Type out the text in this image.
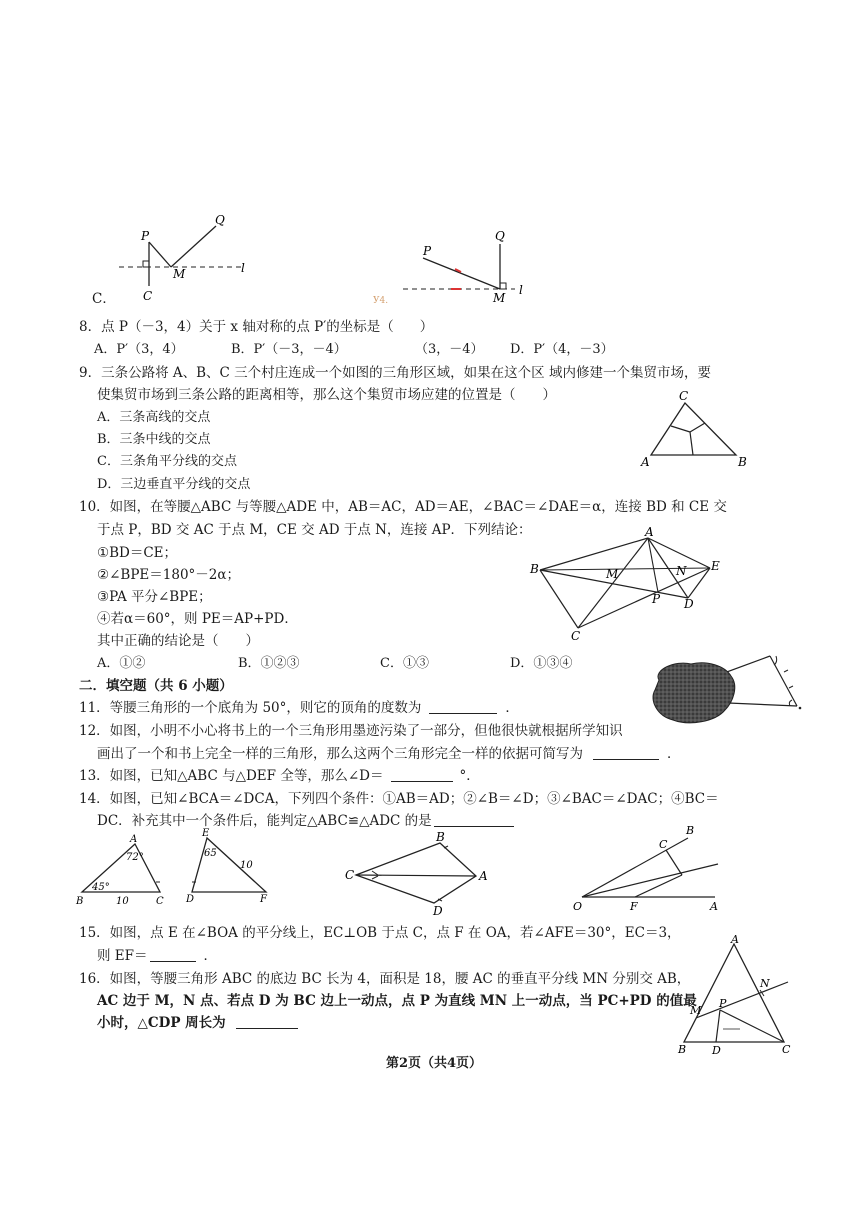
C．
P
Q
M
C
l
P
Q
M
l
У4.
8．点 P（－3，4）关于 x 轴对称的点 P′的坐标是（ ）
A．P′（3，4）	B．P′（－3，－4）	（3，－4） D．P′（4，－3）
9．三条公路将 A、B、C 三个村庄连成一个如图的三角形区域，如果在这个区 域内修建一个集贸市场，要
使集贸市场到三条公路的距离相等，那么这个集贸市场应建的位置是（　　）
A．三条高线的交点
B．三条中线的交点
C．三条角平分线的交点
D．三边垂直平分线的交点
C
A	B
10．如图，在等腰△ABC 与等腰△ADE 中，AB＝AC，AD＝AE，∠BAC＝∠DAE＝α，连接 BD 和 CE 交
于点 P，BD 交 AC 于点 M，CE 交 AD 于点 N，连接 AP．下列结论：
①BD＝CE；
②∠BPE＝180°－2α；
③PA 平分∠BPE；
④若α＝60°，则 PE＝AP+PD．
其中正确的结论是（　　）
A．①②	B．①②③	C．①③	D．①③④
A
B	E
M	N
P D
C
二．填空题（共 6 小题）
11．等腰三角形的一个底角为 50°，则它的顶角的度数为	．
12．如图，小明不小心将书上的一个三角形用墨迹污染了一部分，但他很快就根据所学知识
画出了一个和书上完全一样的三角形，那么这两个三角形完全一样的依据可简写为	．
13．如图，已知△ABC 与△DEF 全等，那么∠D＝	°．
14．如图，已知∠BCA＝∠DCA，下列四个条件：①AB＝AD；②∠B＝∠D；③∠BAC＝∠DAC；④BC＝
DC．补充其中一个条件后，能判定△ABC≌△ADC 的是
A
72°
45°
B	10	C
E
65
10
D	F
C
B
A
D
B
C
O	F	A
15．如图，点 E 在∠BOA 的平分线上，EC⊥OB 于点 C，点 F 在 OA，若∠AFE＝30°，EC＝3，
则 EF＝	．
16．如图，等腰三角形 ABC 的底边 BC 长为 4，面积是 18，腰 AC 的垂直平分线 MN 分别交 AB，
AC 边于 M，N 点、若点 D 为 BC 边上一动点，点 P 为直线 MN 上一动点，当 PC+PD 的值最
小时，△CDP 周长为
A
N
P
M
B D	C
第2页（共4页）
